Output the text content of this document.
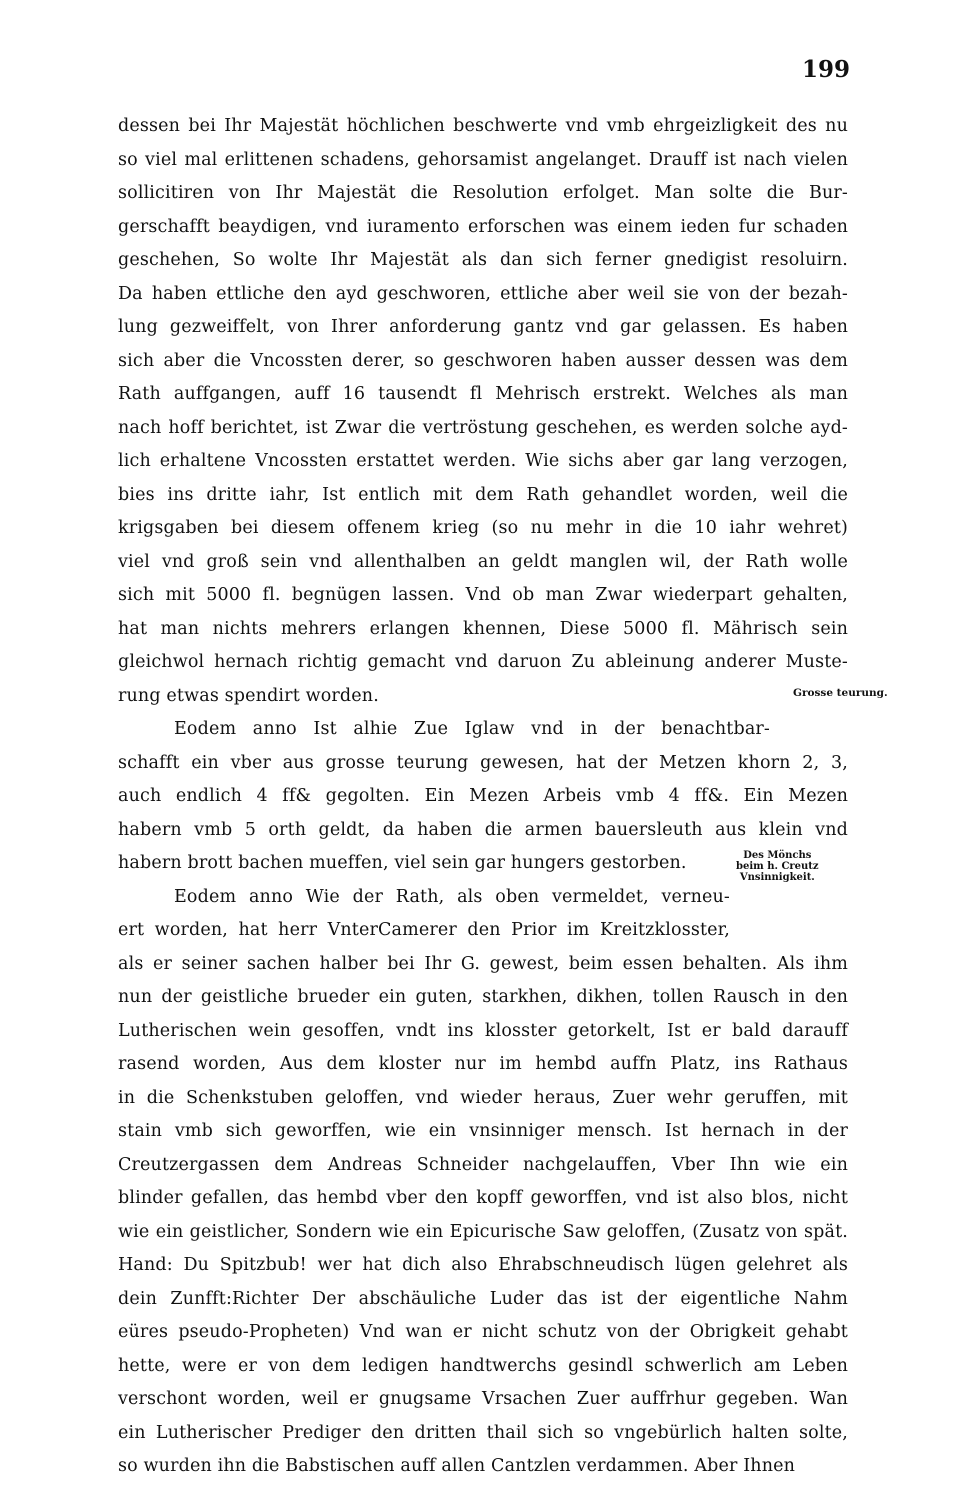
199
dessen bei Ihr Majestät höchlichen beschwerte vnd vmb ehrgeizligkeit des nu
so viel mal erlittenen schadens, gehorsamist angelanget. Drauff ist nach vielen
sollicitiren von Ihr Majestät die Resolution erfolget. Man solte die Bur-
gerschafft beaydigen, vnd iuramento erforschen was einem ieden fur schaden
geschehen, So wolte Ihr Majestät als dan sich ferner gnedigist resoluirn.
Da haben ettliche den ayd geschworen, ettliche aber weil sie von der bezah-
lung gezweiffelt, von Ihrer anforderung gantz vnd gar gelassen. Es haben
sich aber die Vncossten derer, so geschworen haben ausser dessen was dem
Rath auffgangen, auff 16 tausendt fl Mehrisch erstrekt. Welches als man
nach hoff berichtet, ist Zwar die vertröstung geschehen, es werden solche ayd-
lich erhaltene Vncossten erstattet werden. Wie sichs aber gar lang verzogen,
bies ins dritte iahr, Ist entlich mit dem Rath gehandlet worden, weil die
krigsgaben bei diesem offenem krieg (so nu mehr in die 10 iahr wehret)
viel vnd groß sein vnd allenthalben an geldt manglen wil, der Rath wolle
sich mit 5000 fl. begnügen lassen. Vnd ob man Zwar wiederpart gehalten,
hat man nichts mehrers erlangen khennen, Diese 5000 fl. Mährisch sein
gleichwol hernach richtig gemacht vnd daruon Zu ableinung anderer Muste-
rung etwas spendirt worden.
Eodem anno Ist alhie Zue Iglaw vnd in der benachtbar-
schafft ein vber aus grosse teurung gewesen, hat der Metzen khorn 2, 3,
auch endlich 4 ff& gegolten. Ein Mezen Arbeis vmb 4 ff&. Ein Mezen
habern vmb 5 orth geldt, da haben die armen bauersleuth aus klein vnd
habern brott bachen mueffen, viel sein gar hungers gestorben.
Eodem anno Wie der Rath, als oben vermeldet, verneu-
ert worden, hat herr VnterCamerer den Prior im Kreitzklosster,
als er seiner sachen halber bei Ihr G. gewest, beim essen behalten. Als ihm
nun der geistliche brueder ein guten, starkhen, dikhen, tollen Rausch in den
Lutherischen wein gesoffen, vndt ins klosster getorkelt, Ist er bald darauff
rasend worden, Aus dem kloster nur im hembd auffn Platz, ins Rathaus
in die Schenkstuben geloffen, vnd wieder heraus, Zuer wehr geruffen, mit
stain vmb sich geworffen, wie ein vnsinniger mensch. Ist hernach in der
Creutzergassen dem Andreas Schneider nachgelauffen, Vber Ihn wie ein
blinder gefallen, das hembd vber den kopff geworffen, vnd ist also blos, nicht
wie ein geistlicher, Sondern wie ein Epicurische Saw geloffen, (Zusatz von spät.
Hand: Du Spitzbub! wer hat dich also Ehrabschneudisch lügen gelehret als
dein Zunfft:Richter Der abschäuliche Luder das ist der eigentliche Nahm
eüres pseudo-Propheten) Vnd wan er nicht schutz von der Obrigkeit gehabt
hette, were er von dem ledigen handtwerchs gesindl schwerlich am Leben
verschont worden, weil er gnugsame Vrsachen Zuer auffrhur gegeben. Wan
ein Lutherischer Prediger den dritten thail sich so vngebürlich halten solte,
so wurden ihn die Babstischen auff allen Cantzlen verdammen. Aber Ihnen
Grosse teurung.
Des Mönchs
beim h. Creutz
Vnsinnigkeit.
